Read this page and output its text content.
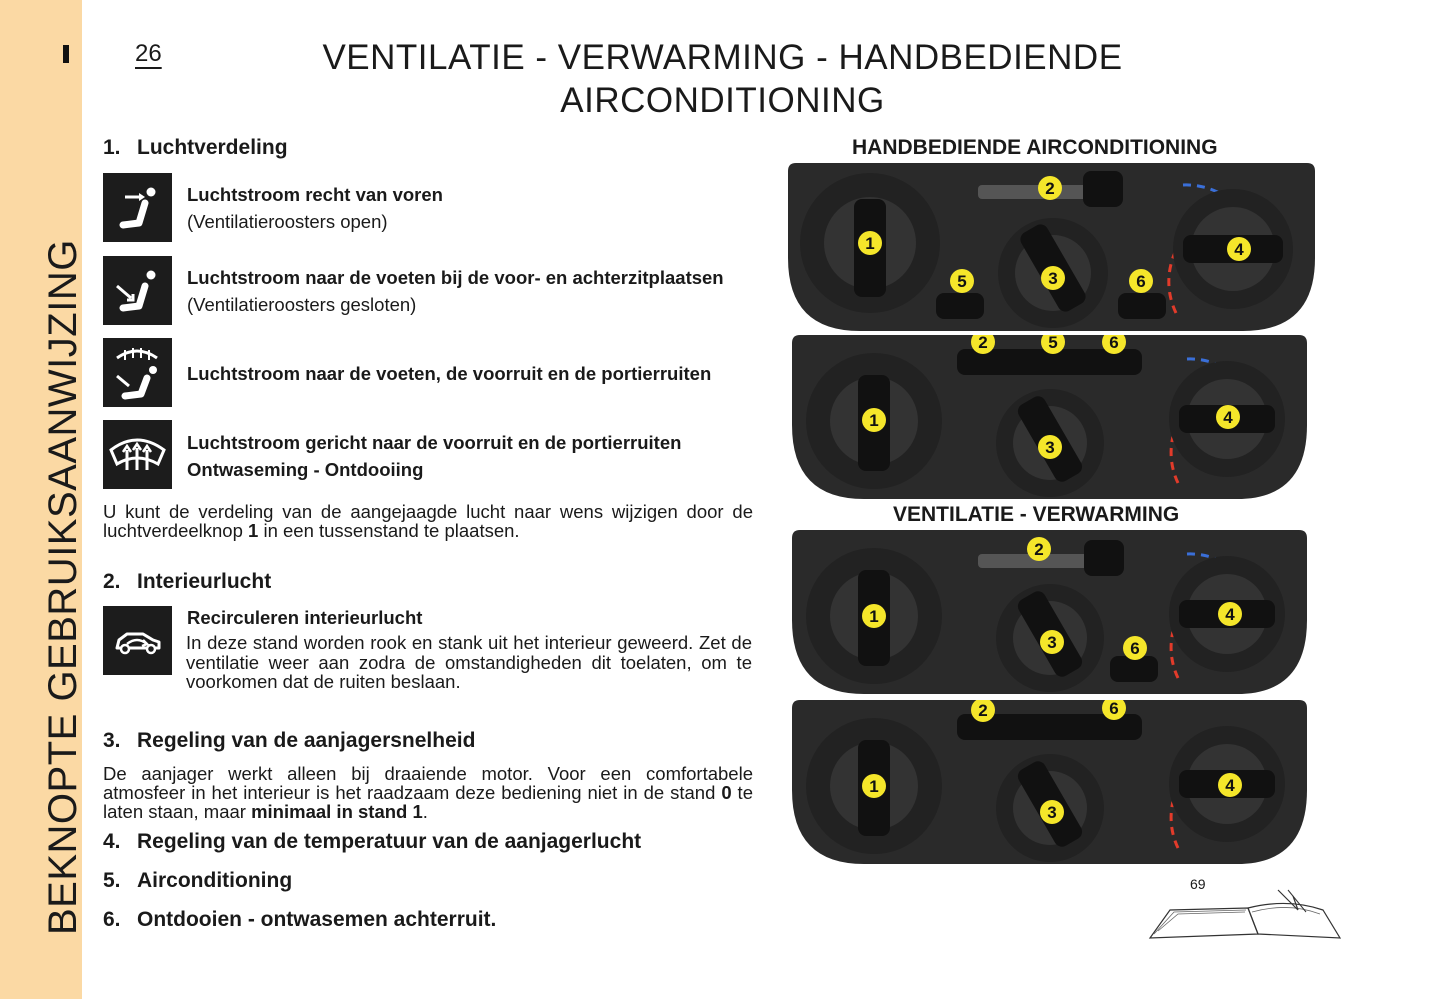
BEKNOPTE GEBRUIKSAANWIJZING
26	VENTILATIE - VERWARMING - HANDBEDIENDE
AIRCONDITIONING
1. Luchtverdeling
Luchtstroom recht van voren
(Ventilatieroosters open)
Luchtstroom naar de voeten bij de voor- en achterzitplaatsen
(Ventilatieroosters gesloten)
Luchtstroom naar de voeten, de voorruit en de portierruiten
Luchtstroom gericht naar de voorruit en de portierruiten
Ontwaseming - Ontdooiing
U kunt de verdeling van de aangejaagde lucht naar wens wijzigen door de luchtverdeelknop 1 in een tussenstand te plaatsen.
2. Interieurlucht
Recirculeren interieurlucht
In deze stand worden rook en stank uit het interieur geweerd. Zet de ventilatie weer aan zodra de omstandigheden dit toelaten, om te voorkomen dat de ruiten beslaan.
3. Regeling van de aanjagersnelheid
De aanjager werkt alleen bij draaiende motor. Voor een comfortabele atmosfeer in het interieur is het raadzaam deze bediening niet in de stand 0 te laten staan, maar minimaal in stand 1.
4. Regeling van de temperatuur van de aanjagerlucht
5. Airconditioning
6. Ontdooien - ontwasemen achterruit.
HANDBEDIENDE AIRCONDITIONING
VENTILATIE - VERWARMING
1
2
3
4
5	6
1
2
3
4
5	6
1
2
3
4
6
1
2
3
4
6
69
